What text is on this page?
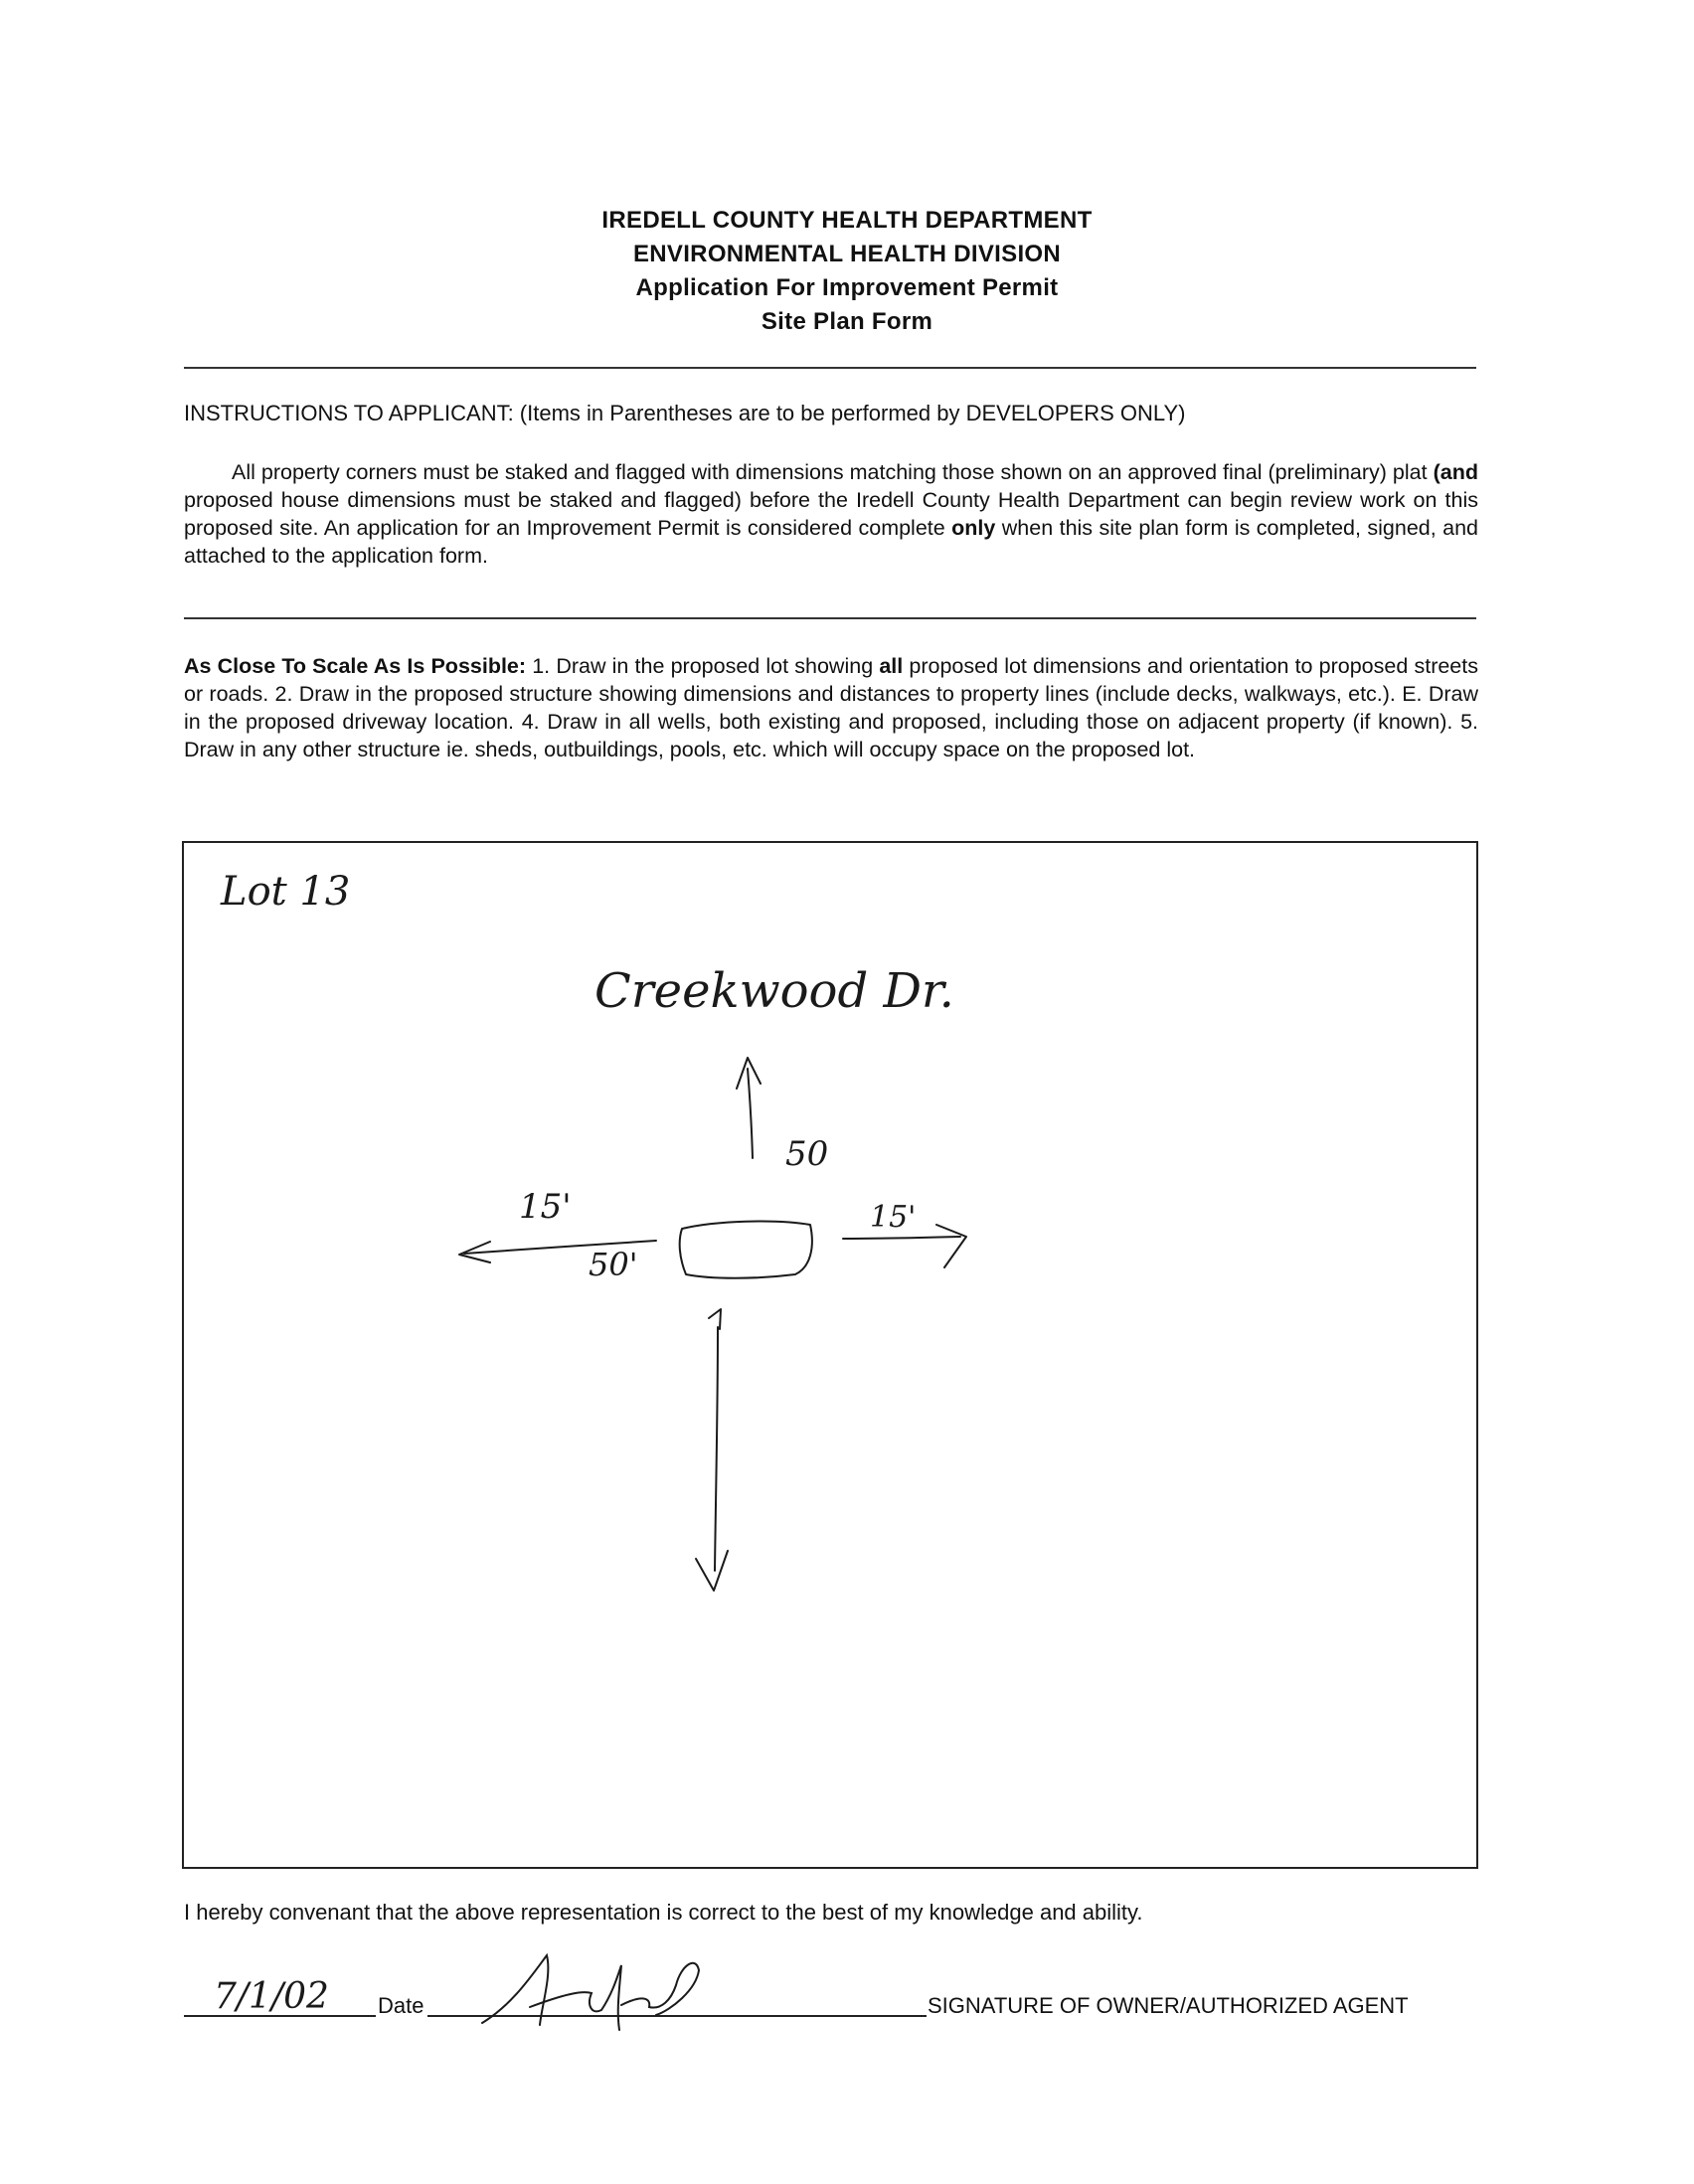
IREDELL COUNTY HEALTH DEPARTMENT
ENVIRONMENTAL HEALTH DIVISION
Application For Improvement Permit
Site Plan Form
INSTRUCTIONS TO APPLICANT: (Items in Parentheses are to be performed by DEVELOPERS ONLY)
All property corners must be staked and flagged with dimensions matching those shown on an approved final (preliminary) plat (and proposed house dimensions must be staked and flagged) before the Iredell County Health Department can begin review work on this proposed site. An application for an Improvement Permit is considered complete only when this site plan form is completed, signed, and attached to the application form.
As Close To Scale As Is Possible: 1. Draw in the proposed lot showing all proposed lot dimensions and orientation to proposed streets or roads. 2. Draw in the proposed structure showing dimensions and distances to property lines (include decks, walkways, etc.). E. Draw in the proposed driveway location. 4. Draw in all wells, both existing and proposed, including those on adjacent property (if known). 5. Draw in any other structure ie. sheds, outbuildings, pools, etc. which will occupy space on the proposed lot.
Lot 13
Creekwood Dr.
50
15'	15'
50'
I hereby convenant that the above representation is correct to the best of my knowledge and ability.
7/1/02 Date	SIGNATURE OF OWNER/AUTHORIZED AGENT
